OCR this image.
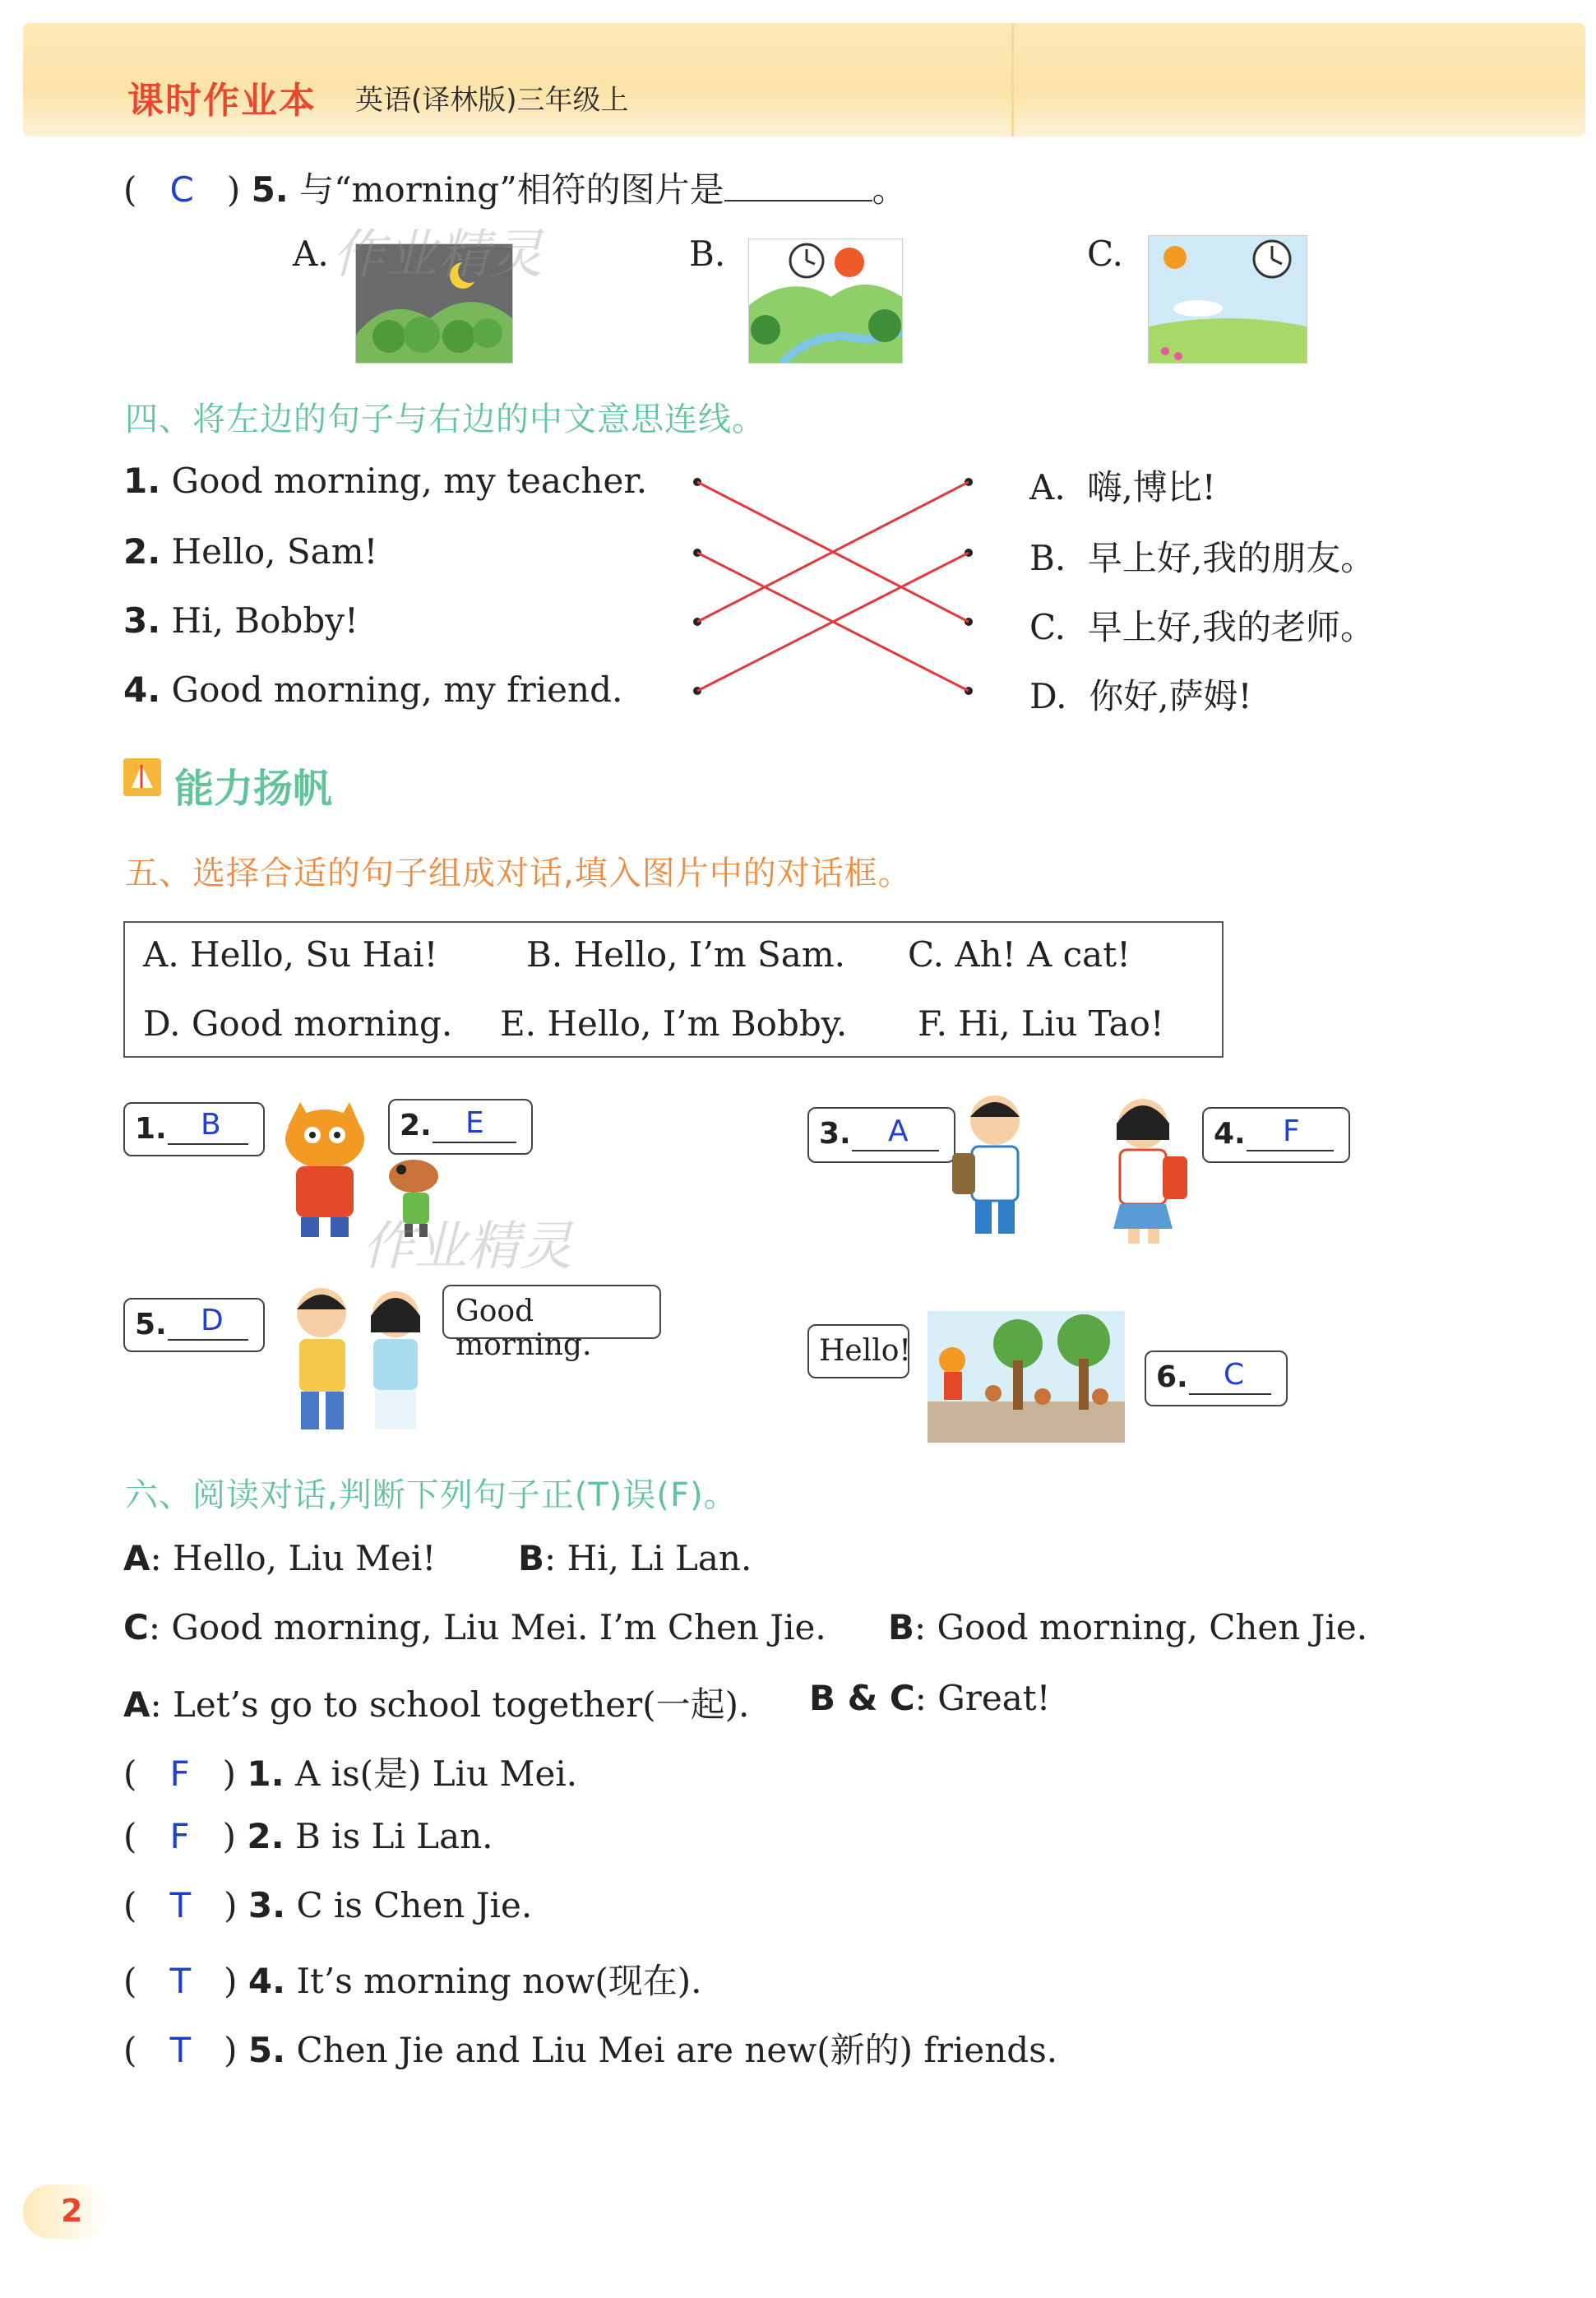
课时作业本 英语(译林版)三年级上
(   C   ) 5. 与“morning”相符的图片是	。
A.	B.	C.
作业精灵
四、将左边的句子与右边的中文意思连线。
1. Good morning, my teacher.
2. Hello, Sam!
3. Hi, Bobby!
4. Good morning, my friend.
A. 嗨,博比!
B. 早上好,我的朋友。
C. 早上好,我的老师。
D. 你好,萨姆!
能力扬帆
五、选择合适的句子组成对话,填入图片中的对话框。
A. Hello, Su Hai!	B. Hello, I’m Sam. C. Ah! A cat!
D. Good morning. E. Hello, I’m Bobby. F. Hi, Liu Tao!
1. B	2. E	3. A	4. F
5. D
6. C
Good morning.	Hello!
作业精灵
六、阅读对话,判断下列句子正(T)误(F)。
A: Hello, Liu Mei! B: Hi, Li Lan.
C: Good morning, Liu Mei. I’m Chen Jie. B: Good morning, Chen Jie.
A: Let’s go to school together(一起). B & C: Great!
(   F   ) 1. A is(是) Liu Mei.
(   F   ) 2. B is Li Lan.
(   T   ) 3. C is Chen Jie.
(   T   ) 4. It’s morning now(现在).
(   T   ) 5. Chen Jie and Liu Mei are new(新的) friends.
2
